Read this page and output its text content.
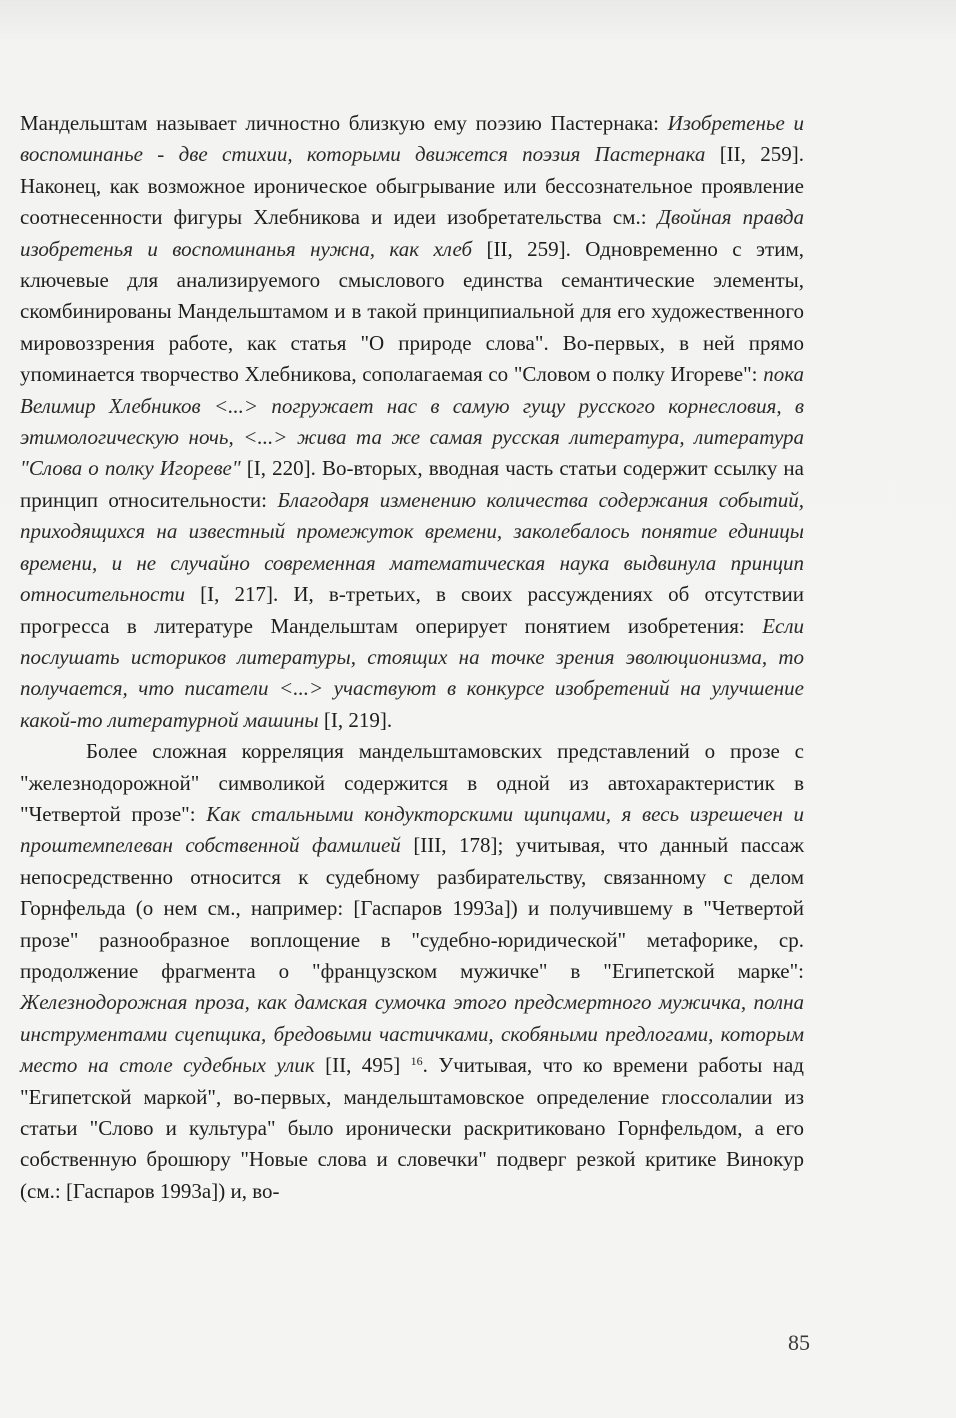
Мандельштам называет личностно близкую ему поэзию Пастернака: Изобретенье и воспоминанье - две стихии, которыми движется поэзия Пастернака [II, 259]. Наконец, как возможное ироническое обыгрывание или бессознательное проявление соотнесенности фигуры Хлебникова и идеи изобретательства см.: Двойная правда изобретенья и воспоминанья нужна, как хлеб [II, 259]. Одновременно с этим, ключевые для анализируемого смыслового единства семантические элементы, скомбинированы Мандельштамом и в такой принципиальной для его художественного мировоззрения работе, как статья "О природе слова". Во-первых, в ней прямо упоминается творчество Хлебникова, сополагаемая со "Словом о полку Игореве": пока Велимир Хлебников <...> погружает нас в самую гущу русского корнесловия, в этимологическую ночь, <...> жива та же самая русская литература, литература "Слова о полку Игореве" [I, 220]. Во-вторых, вводная часть статьи содержит ссылку на принцип относительности: Благодаря изменению количества содержания событий, приходящихся на известный промежуток времени, заколебалось понятие единицы времени, и не случайно современная математическая наука выдвинула принцип относительности [I, 217]. И, в-третьих, в своих рассуждениях об отсутствии прогресса в литературе Мандельштам оперирует понятием изобретения: Если послушать историков литературы, стоящих на точке зрения эволюционизма, то получается, что писатели <...> участвуют в конкурсе изобретений на улучшение какой-то литературной машины [I, 219].

Более сложная корреляция мандельштамовских представлений о прозе с "железнодорожной" символикой содержится в одной из автохарактеристик в "Четвертой прозе": Как стальными кондукторскими щипцами, я весь изрешечен и проштемпелеван собственной фамилией [III, 178]; учитывая, что данный пассаж непосредственно относится к судебному разбирательству, связанному с делом Горнфельда (о нем см., например: [Гаспаров 1993а]) и получившему в "Четвертой прозе" разнообразное воплощение в "судебно-юридической" метафорике, ср. продолжение фрагмента о "французском мужичке" в "Египетской марке": Железнодорожная проза, как дамская сумочка этого предсмертного мужичка, полна инструментами сцепщика, бредовыми частичками, скобяными предлогами, которым место на столе судебных улик [II, 495] $^{16}$. Учитывая, что ко времени работы над "Египетской маркой", во-первых, мандельштамовское определение глоссолалии из статьи "Слово и культура" было иронически раскритиковано Горнфельдом, а его собственную брошюру "Новые слова и словечки" подверг резкой критике Винокур (см.: [Гаспаров 1993а]) и, во-

85
